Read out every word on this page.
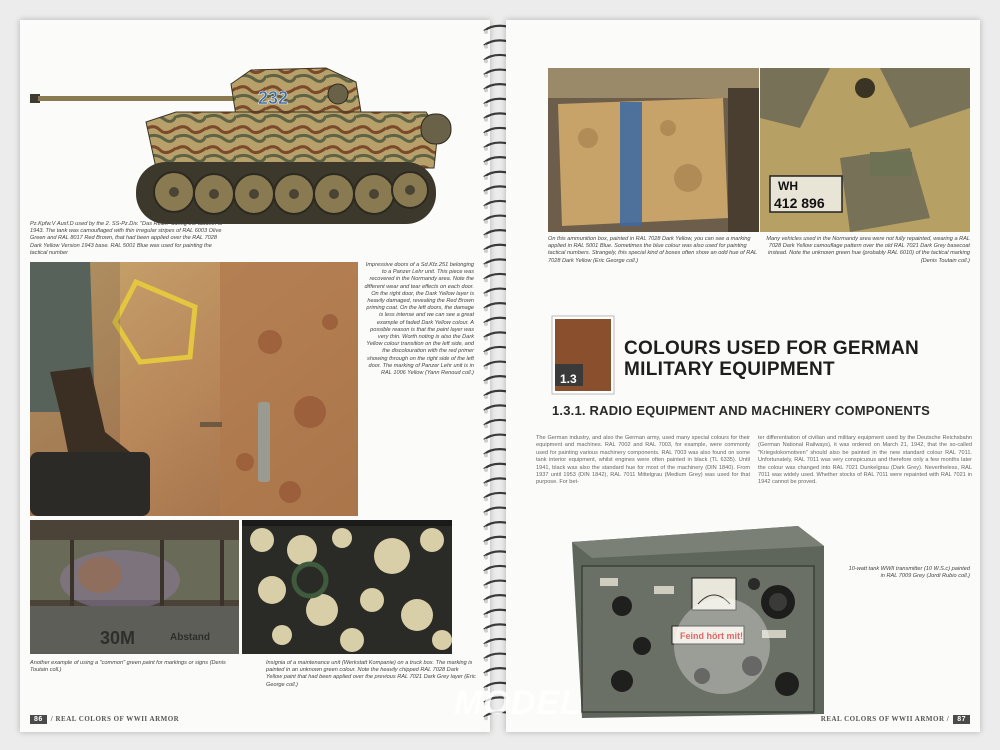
232
Pz.Kpfw.V Ausf.D used by the 2. SS-Pz.Div. "Das Reich" during the autumn of 1943. The tank was camouflaged with thin irregular stripes of RAL 6003 Olive Green and RAL 8017 Red Brown, that had been applied over the RAL 7028 Dark Yellow Version 1943 base. RAL 5001 Blue was used for painting the tactical number
Impressive doors of a Sd.Kfz.251 belonging to a Panzer Lehr unit. This piece was recovered in the Normandy area. Note the different wear and tear effects on each door. On the right door, the Dark Yellow layer is heavily damaged, revealing the Red Brown priming coat. On the left doors, the damage is less intense and we can see a great example of faded Dark Yellow colour. A possible reason is that the paint layer was very thin. Worth noting is also the Dark Yellow colour transition on the left side, and the discolouration with the red primer showing through on the right side of the left door. The marking of Panzer Lehr unit is in RAL 1006 Yellow (Yann Renoud coll.)
30M	Abstand
Another example of using a "common" green paint for markings or signs (Denis Toutain coll.)
Insignia of a maintenance unit (Werkstatt Kompanie) on a truck box. The marking is painted in an unknown green colour. Note the heavily chipped RAL 7028 Dark Yellow paint that had been applied over the previous RAL 7021 Dark Grey layer (Eric George coll.)
86 / REAL COLORS OF WWII ARMOR
WH
412 896
On this ammunition box, painted in RAL 7028 Dark Yellow, you can see a marking applied in RAL 5001 Blue. Sometimes the blue colour was also used for painting tactical numbers. Strangely, this special kind of boxes often show an odd hue of RAL 7028 Dark Yellow (Eric George coll.)
Many vehicles used in the Normandy area were not fully repainted, wearing a RAL 7028 Dark Yellow camouflage pattern over the old RAL 7021 Dark Grey basecoat instead. Note the unknown green hue (probably RAL 6010) of the tactical marking (Denis Toutain coll.)
1.3
COLOURS USED FOR GERMAN
MILITARY EQUIPMENT
1.3.1. RADIO EQUIPMENT AND MACHINERY COMPONENTS
The German industry, and also the German army, used many special colours for their equipment and machines. RAL 7002 and RAL 7003, for example, were commonly used for painting various machinery components. RAL 7003 was also found on some tank interior equipment, whilst engines were often painted in black (TL 6335). Until 1941, black was also the standard hue for most of the machinery (DIN 1840). From 1937 until 1953 (DIN 1842), RAL 7011 Mittelgrau (Medium Grey) was used for that purpose. For bet-
ter differentiation of civilian and military equipment used by the Deutsche Reichsbahn (German National Railways), it was ordered on March 21, 1942, that the so-called "Kriegslokomotiven" should also be painted in the new standard colour RAL 7011. Unfortunately, RAL 7011 was very conspicuous and therefore only a few months later the colour was changed into RAL 7021 Dunkelgrau (Dark Grey). Nevertheless, RAL 7011 was widely used. Whether stocks of RAL 7011 were repainted with RAL 7021 in 1942 cannot be proved.
Feind hört mit!
10-watt tank WWII transmitter (10 W.S.c) painted in RAL 7009 Grey (Jordi Rubio coll.)
MODEL	REAL COLORS OF WWII ARMOR / 87
